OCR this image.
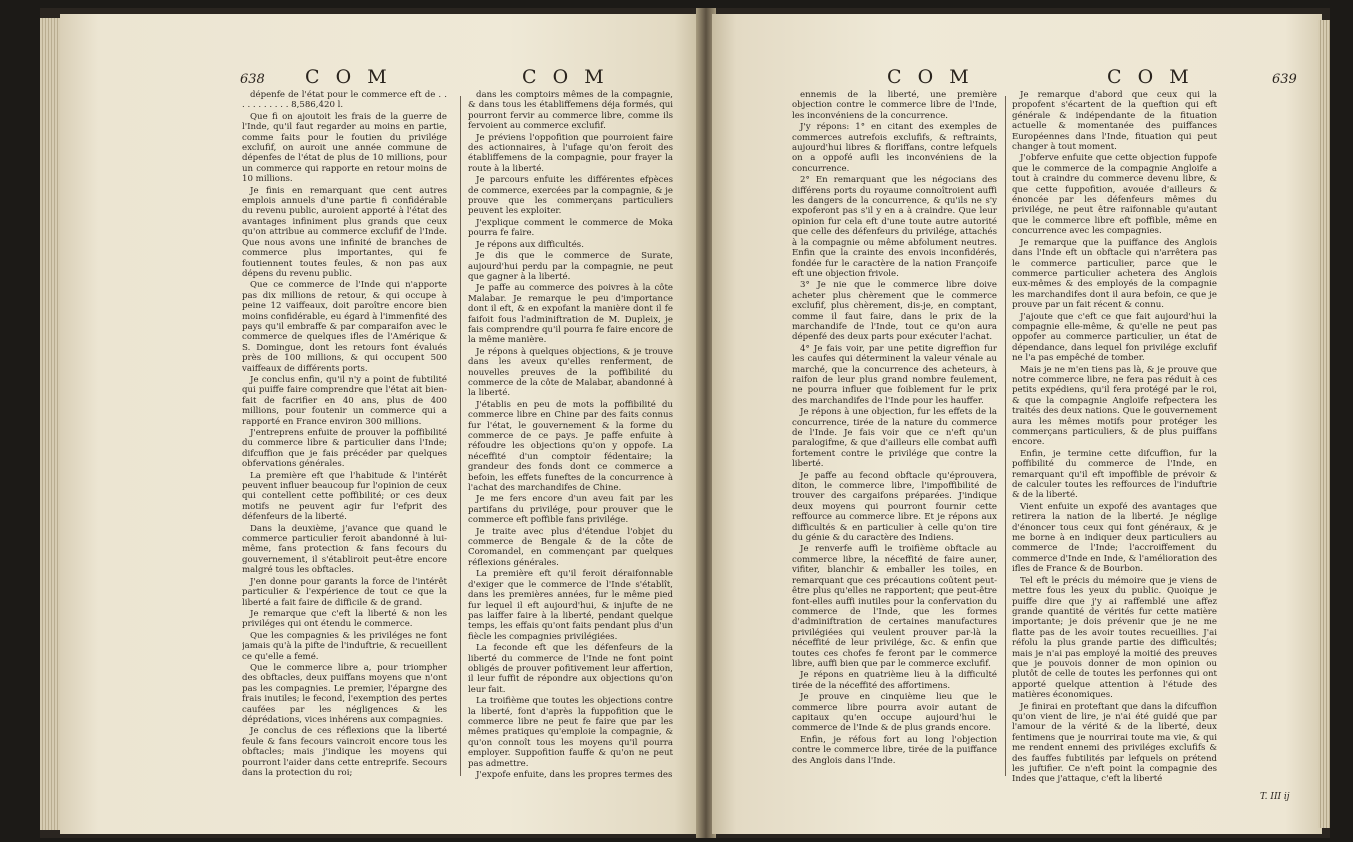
638 C O M	C O M

dépenfe de l'état pour le commerce eft de . . . . . . . . . . . 8,586,420 l.

Que fi on ajoutoit les frais de la guerre de l'Inde, qu'il faut regarder au moins en partie, comme faits pour le foutien du privilége exclufif, on auroit une année commune de dépenfes de l'état de plus de 10 millions, pour un commerce qui rapporte en retour moins de 10 millions.

Je finis en remarquant que cent autres emplois annuels d'une partie fi confidérable du revenu public, auroient apporté à l'état des avantages infiniment plus grands que ceux qu'on attribue au commerce exclufif de l'Inde. Que nous avons une infinité de branches de commerce plus importantes, qui fe foutiennent toutes feules, & non pas aux dépens du revenu public.

Que ce commerce de l'Inde qui n'apporte pas dix millions de retour, & qui occupe à peine 12 vaiffeaux, doit paroître encore bien moins confidérable, eu égard à l'immenfité des pays qu'il embraffe & par comparaifon avec le commerce de quelques ifles de l'Amérique & S. Domingue, dont les retours font évalués près de 100 millions, & qui occupent 500 vaiffeaux de différents ports.

Je conclus enfin, qu'il n'y a point de fubtilité qui puiffe faire comprendre que l'état ait bien-fait de facrifier en 40 ans, plus de 400 millions, pour foutenir un commerce qui a rapporté en France environ 300 millions.

J'entreprens enfuite de prouver la poffibilité du commerce libre & particulier dans l'Inde; difcuffion que je fais précéder par quelques obfervations générales.

La première eft que l'habitude & l'intérêt peuvent influer beaucoup fur l'opinion de ceux qui contellent cette poffibilité; or ces deux motifs ne peuvent agir fur l'efprit des défenfeurs de la liberté.

Dans la deuxième, j'avance que quand le commerce particulier feroit abandonné à lui-même, fans protection & fans fecours du gouvernement, il s'établiroit peut-être encore malgré tous les obftacles.

J'en donne pour garants la force de l'intérêt particulier & l'expérience de tout ce que la liberté a fait faire de difficile & de grand.

Je remarque que c'eft la liberté & non les priviléges qui ont étendu le commerce.

Que les compagnies & les priviléges ne font jamais qu'à la pifte de l'induftrie, & recueillent ce qu'elle a femé.

Que le commerce libre a, pour triompher des obftacles, deux puiffans moyens que n'ont pas les compagnies. Le premier, l'épargne des frais inutiles; le fecond, l'exemption des pertes caufées par les négligences & les déprédations, vices inhérens aux compagnies.

Je conclus de ces réflexions que la liberté feule & fans fecours vaincroit encore tous les obftacles; mais j'indique les moyens qui pourront l'aider dans cette entreprife. Secours dans la protection du roi;

dans les comptoirs mêmes de la compagnie, & dans tous les établiffemens déja formés, qui pourront fervir au commerce libre, comme ils fervoient au commerce exclufif.

Je préviens l'oppofition que pourroient faire des actionnaires, à l'ufage qu'on feroit des établiffemens de la compagnie, pour frayer la route à la liberté.

Je parcours enfuite les différentes efpèces de commerce, exercées par la compagnie, & je prouve que les commerçans particuliers peuvent les exploiter.

J'explique comment le commerce de Moka pourra fe faire.

Je répons aux difficultés.

Je dis que le commerce de Surate, aujourd'hui perdu par la compagnie, ne peut que gagner à la liberté.

Je paffe au commerce des poivres à la côte Malabar. Je remarque le peu d'importance dont il eft, & en expofant la manière dont il fe faifoit fous l'adminiftration de M. Dupleix, je fais comprendre qu'il pourra fe faire encore de la même manière.

Je répons à quelques objections, & je trouve dans les aveux qu'elles renferment, de nouvelles preuves de la poffibilité du commerce de la côte de Malabar, abandonné à la liberté.

J'établis en peu de mots la poffibilité du commerce libre en Chine par des faits connus fur l'état, le gouvernement & la forme du commerce de ce pays. Je paffe enfuite à réfoudre les objections qu'on y oppofe. La néceffité d'un comptoir fédentaire; la grandeur des fonds dont ce commerce a befoin, les effets funeftes de la concurrence à l'achat des marchandifes de Chine.

Je me fers encore d'un aveu fait par les partifans du privilége, pour prouver que le commerce eft poffible fans privilége.

Je traite avec plus d'étendue l'objet du commerce de Bengale & de la côte de Coromandel, en commençant par quelques réflexions générales.

La première eft qu'il feroit déraifonnable d'exiger que le commerce de l'Inde s'établît, dans les premières années, fur le même pied fur lequel il eft aujourd'hui, & injufte de ne pas laiffer faire à la liberté, pendant quelque temps, les effais qu'ont faits pendant plus d'un fiècle les compagnies privilégiées.

La feconde eft que les défenfeurs de la liberté du commerce de l'Inde ne font point obligés de prouver pofitivement leur affertion, il leur fuffit de répondre aux objections qu'on leur fait.

La troifième que toutes les objections contre la liberté, font d'après la fuppofition que le commerce libre ne peut fe faire que par les mêmes pratiques qu'emploie la compagnie, & qu'on connoît tous les moyens qu'il pourra employer. Suppofition fauffe & qu'on ne peut pas admettre.

J'expofe enfuite, dans les propres termes des

C O M	C O M	639

ennemis de la liberté, une première objection contre le commerce libre de l'Inde, les inconvéniens de la concurrence.

J'y répons: 1° en citant des exemples de commerces autrefois exclufifs, & reftraints, aujourd'hui libres & floriffans, contre lefquels on a oppofé aufli les inconvéniens de la concurrence.

2° En remarquant que les négocians des différens ports du royaume connoîtroient auffi les dangers de la concurrence, & qu'ils ne s'y expoferont pas s'il y en a à craindre. Que leur opinion fur cela eft d'une toute autre autorité que celle des défenfeurs du privilége, attachés à la compagnie ou même abfolument neutres. Enfin que la crainte des envois inconfidérés, fondée fur le caractère de la nation Françoife eft une objection frivole.

3° Je nie que le commerce libre doive acheter plus chèrement que le commerce exclufif, plus chèrement, dis-je, en comptant, comme il faut faire, dans le prix de la marchandife de l'Inde, tout ce qu'on aura dépenfé des deux parts pour exécuter l'achat.

4° Je fais voir, par une petite digreffion fur les caufes qui déterminent la valeur vénale au marché, que la concurrence des acheteurs, à raifon de leur plus grand nombre feulement, ne pourra influer que foiblement fur le prix des marchandifes de l'Inde pour les hauffer.

Je répons à une objection, fur les effets de la concurrence, tirée de la nature du commerce de l'Inde. Je fais voir que ce n'eft qu'un paralogifme, & que d'ailleurs elle combat auffi fortement contre le privilége que contre la liberté.

Je paffe au fecond obftacle qu'éprouvera, diton, le commerce libre, l'impoffibilité de trouver des cargaifons préparées. J'indique deux moyens qui pourront fournir cette reffource au commerce libre. Et je répons aux difficultés & en particulier à celle qu'on tire du génie & du caractère des Indiens.

Je renverfe auffi le troifième obftacle au commerce libre, la néceffité de faire auner, vifiter, blanchir & emballer les toiles, en remarquant que ces précautions coûtent peut-être plus qu'elles ne rapportent; que peut-être font-elles auffi inutiles pour la confervation du commerce de l'Inde, que les formes d'adminiftration de certaines manufactures privilégiées qui veulent prouver par-là la néceffité de leur privilége, &c. & enfin que toutes ces chofes fe feront par le commerce libre, auffi bien que par le commerce exclufif.

Je répons en quatrième lieu à la difficulté tirée de la néceffité des affortimens.

Je prouve en cinquième lieu que le commerce libre pourra avoir autant de capitaux qu'en occupe aujourd'hui le commerce de l'Inde & de plus grands encore.

Enfin, je réfous fort au long l'objection contre le commerce libre, tirée de la puiffance des Anglois dans l'Inde.

Je remarque d'abord que ceux qui la propofent s'écartent de la queftion qui eft générale & indépendante de la fituation actuelle & momentanée des puiffances Européennes dans l'Inde, fituation qui peut changer à tout moment.

J'obferve enfuite que cette objection fuppofe que le commerce de la compagnie Angloife a tout à craindre du commerce devenu libre, & que cette fuppofition, avouée d'ailleurs & énoncée par les défenfeurs mêmes du privilége, ne peut être raifonnable qu'autant que le commerce libre eft poffible, même en concurrence avec les compagnies.

Je remarque que la puiffance des Anglois dans l'Inde eft un obftacle qui n'arrêtera pas le commerce particulier, parce que le commerce particulier achetera des Anglois eux-mêmes & des employés de la compagnie les marchandifes dont il aura befoin, ce que je prouve par un fait récent & connu.

J'ajoute que c'eft ce que fait aujourd'hui la compagnie elle-même, & qu'elle ne peut pas oppofer au commerce particulier, un état de dépendance, dans lequel fon privilége exclufif ne l'a pas empêché de tomber.

Mais je ne m'en tiens pas là, & je prouve que notre commerce libre, ne fera pas réduit à ces petits expédiens, qu'il fera protégé par le roi, & que la compagnie Angloife refpectera les traités des deux nations. Que le gouvernement aura les mêmes motifs pour protéger les commerçans particuliers, & de plus puiffans encore.

Enfin, je termine cette difcuffion, fur la poffibilité du commerce de l'Inde, en remarquant qu'il eft impoffible de prévoir & de calculer toutes les reffources de l'induftrie & de la liberté.

Vient enfuite un expofé des avantages que retirera la nation de la liberté. Je néglige d'énoncer tous ceux qui font généraux, & je me borne à en indiquer deux particuliers au commerce de l'Inde; l'accroiffement du commerce d'Inde en Inde, & l'amélioration des ifles de France & de Bourbon.

Tel eft le précis du mémoire que je viens de mettre fous les yeux du public. Quoique je puiffe dire que j'y ai raffemblé une affez grande quantité de vérités fur cette matière importante; je dois prévenir que je ne me flatte pas de les avoir toutes recueillies. J'ai réfolu la plus grande partie des difficultés; mais je n'ai pas employé la moitié des preuves que je pouvois donner de mon opinion ou plutôt de celle de toutes les perfonnes qui ont apporté quelque attention à l'étude des matières économiques.

Je finirai en proteftant que dans la difcuffion qu'on vient de lire, je n'ai été guidé que par l'amour de la vérité & de la liberté, deux fentimens que je nourrirai toute ma vie, & qui me rendent ennemi des priviléges exclufifs & des fauffes fubtilités par lefquels on prétend les juftifier. Ce n'eft point la compagnie des Indes que j'attaque, c'eft la liberté

T. III ij
